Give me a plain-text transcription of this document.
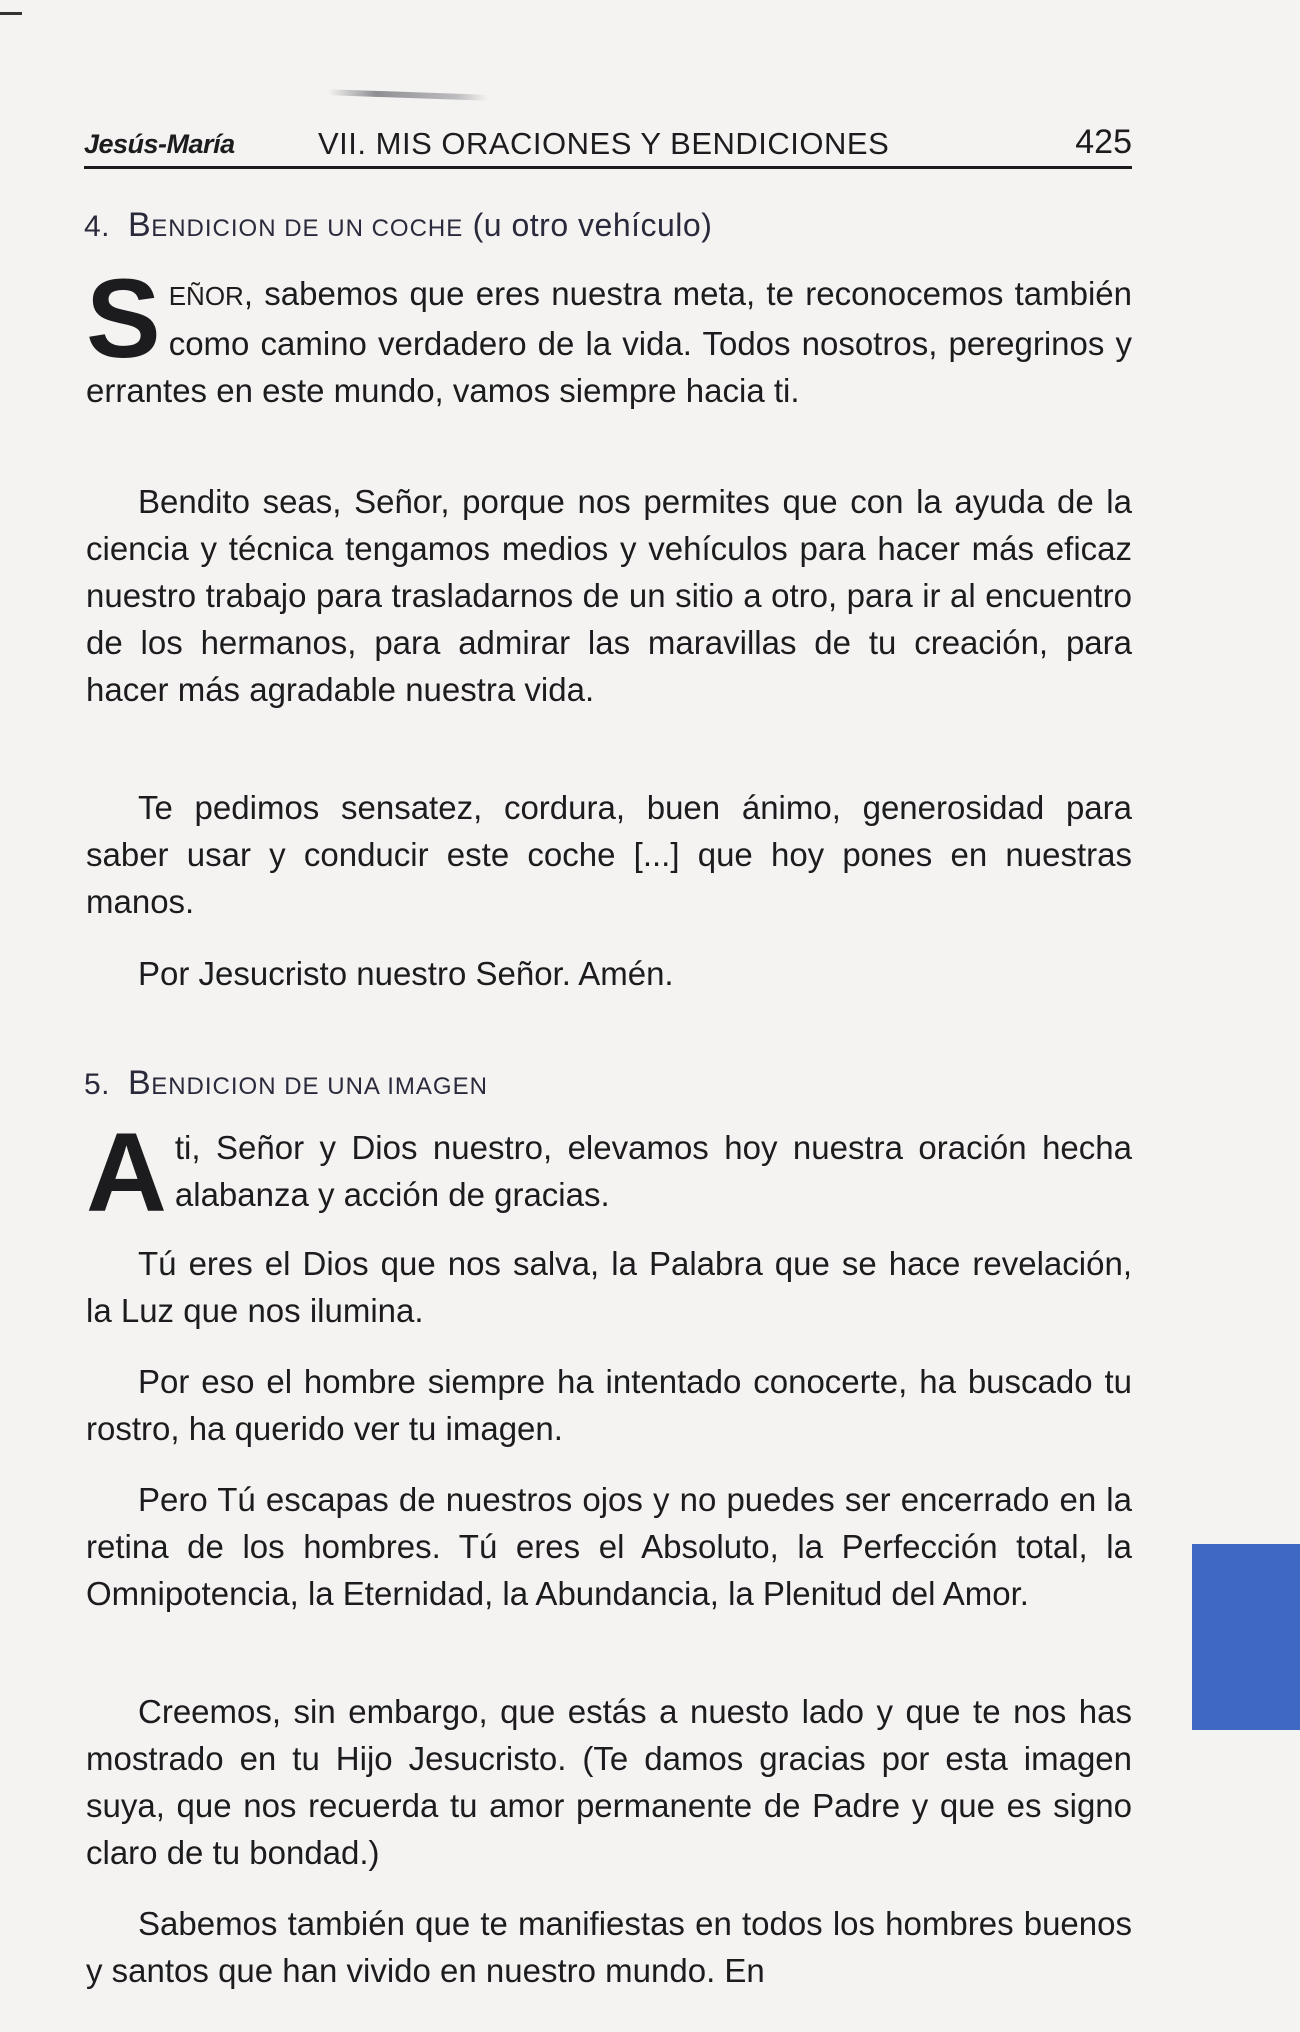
Jesús-María	VII. MIS ORACIONES Y BENDICIONES	425
4. BENDICION DE UN COCHE (u otro vehículo)
SEÑOR, sabemos que eres nuestra meta, te reconocemos también como camino verdadero de la vida. Todos nosotros, peregrinos y errantes en este mundo, vamos siempre hacia ti.
Bendito seas, Señor, porque nos permites que con la ayuda de la ciencia y técnica tengamos medios y vehículos para hacer más eficaz nuestro trabajo para trasladarnos de un sitio a otro, para ir al encuentro de los hermanos, para admirar las maravillas de tu creación, para hacer más agradable nuestra vida.
Te pedimos sensatez, cordura, buen ánimo, generosidad para saber usar y conducir este coche [...] que hoy pones en nuestras manos.
Por Jesucristo nuestro Señor. Amén.
5. BENDICION DE UNA IMAGEN
A ti, Señor y Dios nuestro, elevamos hoy nuestra oración hecha alabanza y acción de gracias.
Tú eres el Dios que nos salva, la Palabra que se hace revelación, la Luz que nos ilumina.
Por eso el hombre siempre ha intentado conocerte, ha buscado tu rostro, ha querido ver tu imagen.
Pero Tú escapas de nuestros ojos y no puedes ser encerrado en la retina de los hombres. Tú eres el Absoluto, la Perfección total, la Omnipotencia, la Eternidad, la Abundancia, la Plenitud del Amor.
Creemos, sin embargo, que estás a nuesto lado y que te nos has mostrado en tu Hijo Jesucristo. (Te damos gracias por esta imagen suya, que nos recuerda tu amor permanente de Padre y que es signo claro de tu bondad.)
Sabemos también que te manifiestas en todos los hombres buenos y santos que han vivido en nuestro mundo. En
